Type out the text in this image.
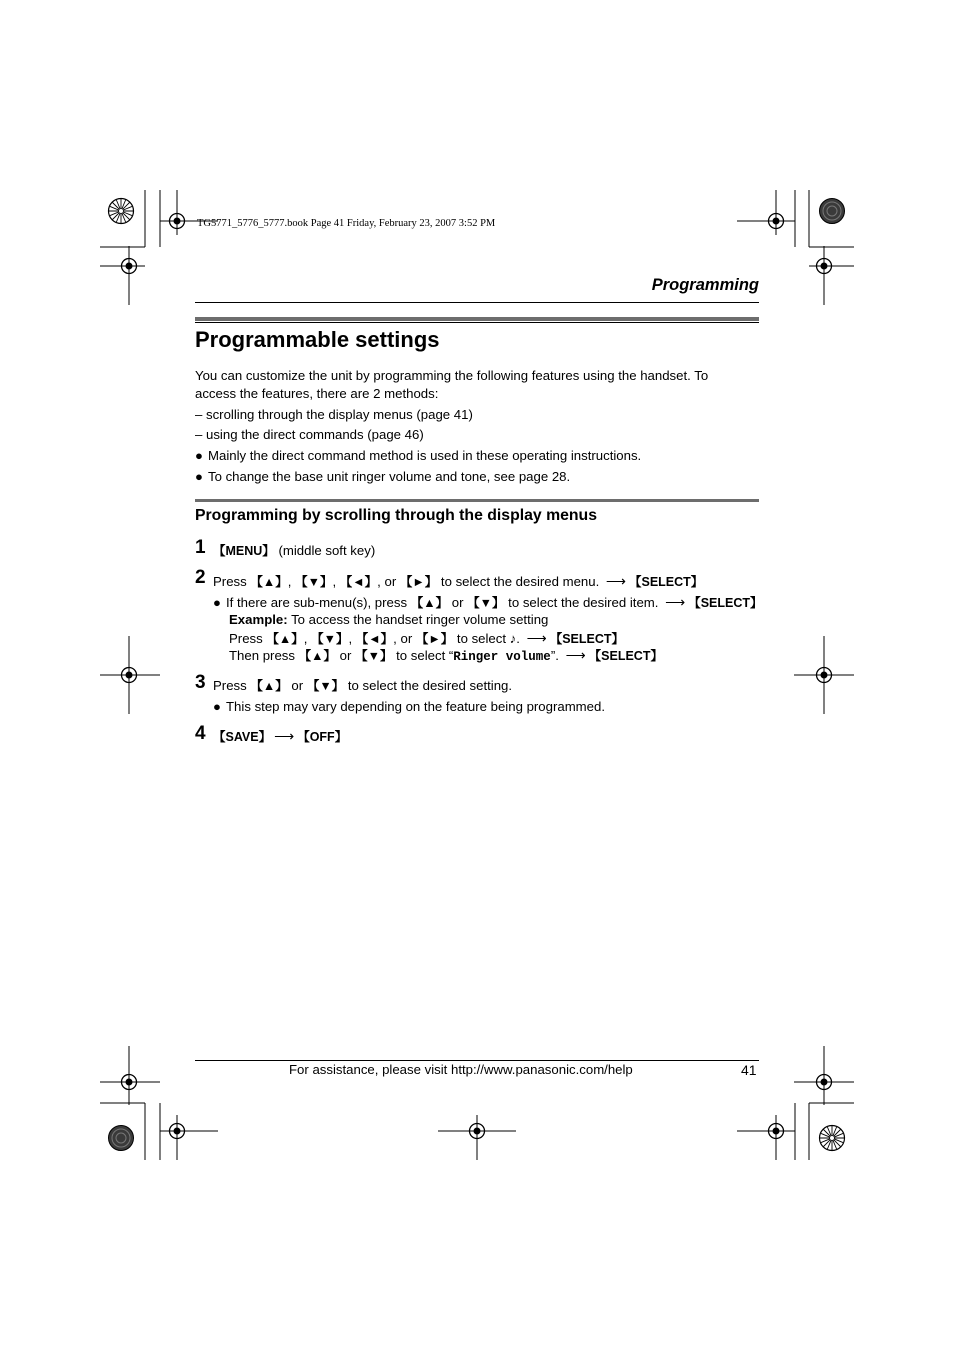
TG5771_5776_5777.book Page 41 Friday, February 23, 2007 3:52 PM
Programming
Programmable settings
You can customize the unit by programming the following features using the handset. To
access the features, there are 2 methods:
– scrolling through the display menus (page 41)
– using the direct commands (page 46)
● Mainly the direct command method is used in these operating instructions.
● To change the base unit ringer volume and tone, see page 28.
Programming by scrolling through the display menus
1 【MENU】 (middle soft key)
2 Press 【▲】, 【▼】, 【◄】, or 【►】 to select the desired menu. ⟶ 【SELECT】
● If there are sub-menu(s), press 【▲】 or 【▼】 to select the desired item. ⟶ 【SELECT】
Example: To access the handset ringer volume setting
Press 【▲】, 【▼】, 【◄】, or 【►】 to select ♪. ⟶ 【SELECT】
Then press 【▲】 or 【▼】 to select “Ringer volume”. ⟶ 【SELECT】
3 Press 【▲】 or 【▼】 to select the desired setting.
● This step may vary depending on the feature being programmed.
4 【SAVE】 ⟶ 【OFF】
For assistance, please visit http://www.panasonic.com/help	41
